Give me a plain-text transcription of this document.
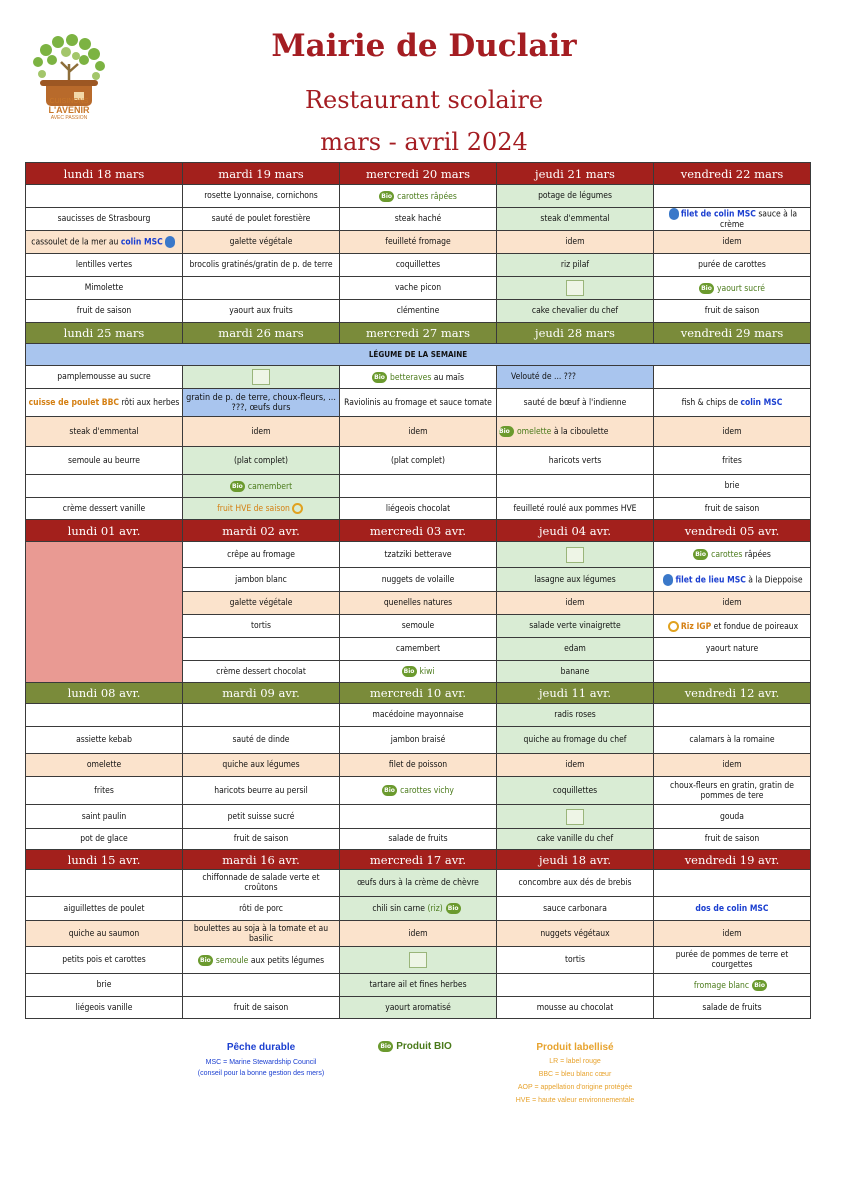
CUISINONS
L'AVENIR
AVEC PASSION
Mairie de Duclair
Restaurant scolaire
mars - avril 2024
lundi 18 mars	mardi 19 mars	mercredi 20 mars	jeudi 21 mars	vendredi 22 mars
	rosette Lyonnaise, cornichons	Bio carottes râpées	potage de légumes	
saucisses de Strasbourg	sauté de poulet forestière	steak haché	steak d'emmental	filet de colin MSC sauce à la crème
cassoulet de la mer au colin MSC	galette végétale	feuilleté fromage	idem	idem
lentilles vertes	brocolis gratinés/gratin de p. de terre	coquillettes	riz pilaf	purée de carottes
Mimolette		vache picon		Bio yaourt sucré
fruit de saison	yaourt aux fruits	clémentine	cake chevalier du chef	fruit de saison
lundi 25 mars	mardi 26 mars	mercredi 27 mars	jeudi 28 mars	vendredi 29 mars
LÉGUME DE LA SEMAINE				
pamplemousse au sucre		Bio betteraves au maïs	Velouté de ... ???	
cuisse de poulet BBC rôti aux herbes	gratin de p. de terre, choux-fleurs, ... ???, œufs durs	Raviolinis au fromage et sauce tomate	sauté de bœuf à l'indienne	fish & chips de colin MSC
steak d'emmental	idem	idem	Bio omelette à la ciboulette	idem
semoule au beurre	(plat complet)	(plat complet)	haricots verts	frites
	Bio camembert			brie
crème dessert vanille	fruit HVE de saison	liégeois chocolat	feuilleté roulé aux pommes HVE	fruit de saison
lundi 01 avr.	mardi 02 avr.	mercredi 03 avr.	jeudi 04 avr.	vendredi 05 avr.
	crêpe au fromage	tzatziki betterave		Bio carottes râpées
	jambon blanc	nuggets de volaille	lasagne aux légumes	filet de lieu MSC à la Dieppoise
	galette végétale	quenelles natures	idem	idem
	tortis	semoule	salade verte vinaigrette	Riz IGP et fondue de poireaux
		camembert	edam	yaourt nature
	crème dessert chocolat	Bio kiwi	banane	
lundi 08 avr.	mardi 09 avr.	mercredi 10 avr.	jeudi 11 avr.	vendredi 12 avr.
		macédoine mayonnaise	radis roses	
assiette kebab	sauté de dinde	jambon braisé	quiche au fromage du chef	calamars à la romaine
omelette	quiche aux légumes	filet de poisson	idem	idem
frites	haricots beurre au persil	Bio carottes vichy	coquillettes	choux-fleurs en gratin, gratin de pommes de tere
saint paulin	petit suisse sucré			gouda
pot de glace	fruit de saison	salade de fruits	cake vanille du chef	fruit de saison
lundi 15 avr.	mardi 16 avr.	mercredi 17 avr.	jeudi 18 avr.	vendredi 19 avr.
	chiffonnade de salade verte et croûtons	œufs durs à la crème de chèvre	concombre aux dés de brebis	
aiguillettes de poulet	rôti de porc	chili sin carne (riz) Bio	sauce carbonara	dos de colin MSC
quiche au saumon	boulettes au soja à la tomate et au basilic	idem	nuggets végétaux	idem
petits pois et carottes	Bio semoule aux petits légumes		tortis	purée de pommes de terre et courgettes
brie		tartare ail et fines herbes		fromage blanc Bio
liégeois vanille	fruit de saison	yaourt aromatisé	mousse au chocolat	salade de fruits
Pêche durable
MSC = Marine Stewardship Council
(conseil pour la bonne gestion des mers)
Bio Produit BIO	Produit labellisé
LR = label rouge
BBC = bleu blanc cœur
AOP = appellation d'origine protégée
HVE = haute valeur environnementale
